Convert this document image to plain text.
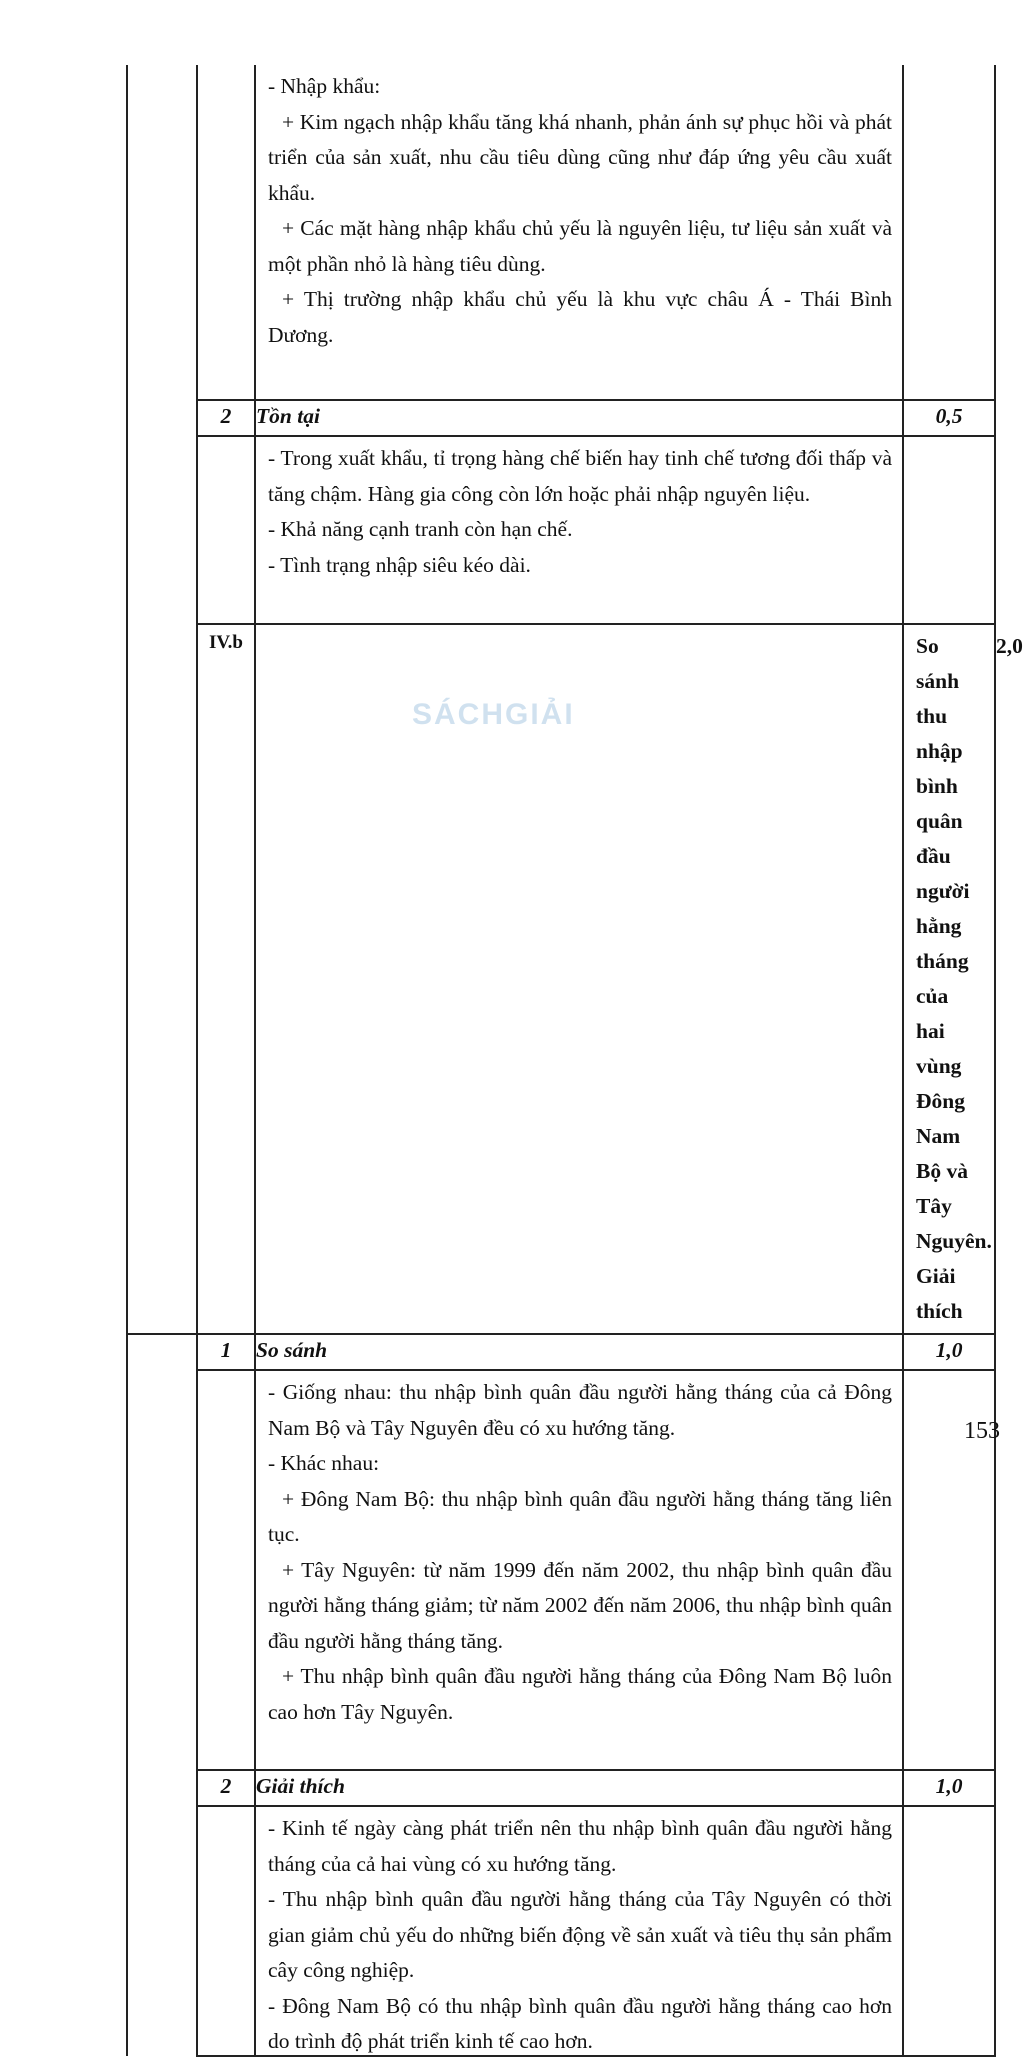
		- Nhập khẩu:

+ Kim ngạch nhập khẩu tăng khá nhanh, phản ánh sự phục hồi và phát triển của sản xuất, nhu cầu tiêu dùng cũng như đáp ứng yêu cầu xuất khẩu.

+ Các mặt hàng nhập khẩu chủ yếu là nguyên liệu, tư liệu sản xuất và một phần nhỏ là hàng tiêu dùng.

+ Thị trường nhập khẩu chủ yếu là khu vực châu Á - Thái Bình Dương.		

	2	Tồn tại	0,5	

		- Trong xuất khẩu, tỉ trọng hàng chế biến hay tinh chế tương đối thấp và tăng chậm. Hàng gia công còn lớn hoặc phải nhập nguyên liệu.

- Khả năng cạnh tranh còn hạn chế.

- Tình trạng nhập siêu kéo dài.		

	IV.b		So sánh thu nhập bình quân đầu người hằng tháng của hai vùng Đông Nam Bộ và Tây Nguyên. Giải thích	2,0
	1	So sánh	1,0	

		- Giống nhau: thu nhập bình quân đầu người hằng tháng của cả Đông Nam Bộ và Tây Nguyên đều có xu hướng tăng.

- Khác nhau:

+ Đông Nam Bộ: thu nhập bình quân đầu người hằng tháng tăng liên tục.

+ Tây Nguyên: từ năm 1999 đến năm 2002, thu nhập bình quân đầu người hằng tháng giảm; từ năm 2002 đến năm 2006, thu nhập bình quân đầu người hằng tháng tăng.

+ Thu nhập bình quân đầu người hằng tháng của Đông Nam Bộ luôn cao hơn Tây Nguyên.		

	2	Giải thích	1,0	

		- Kinh tế ngày càng phát triển nên thu nhập bình quân đầu người hằng tháng của cả hai vùng có xu hướng tăng.

- Thu nhập bình quân đầu người hằng tháng của Tây Nguyên có thời gian giảm chủ yếu do những biến động về sản xuất và tiêu thụ sản phẩm cây công nghiệp.

- Đông Nam Bộ có thu nhập bình quân đầu người hằng tháng cao hơn do trình độ phát triển kinh tế cao hơn.		

SÁCHGIẢI
153
